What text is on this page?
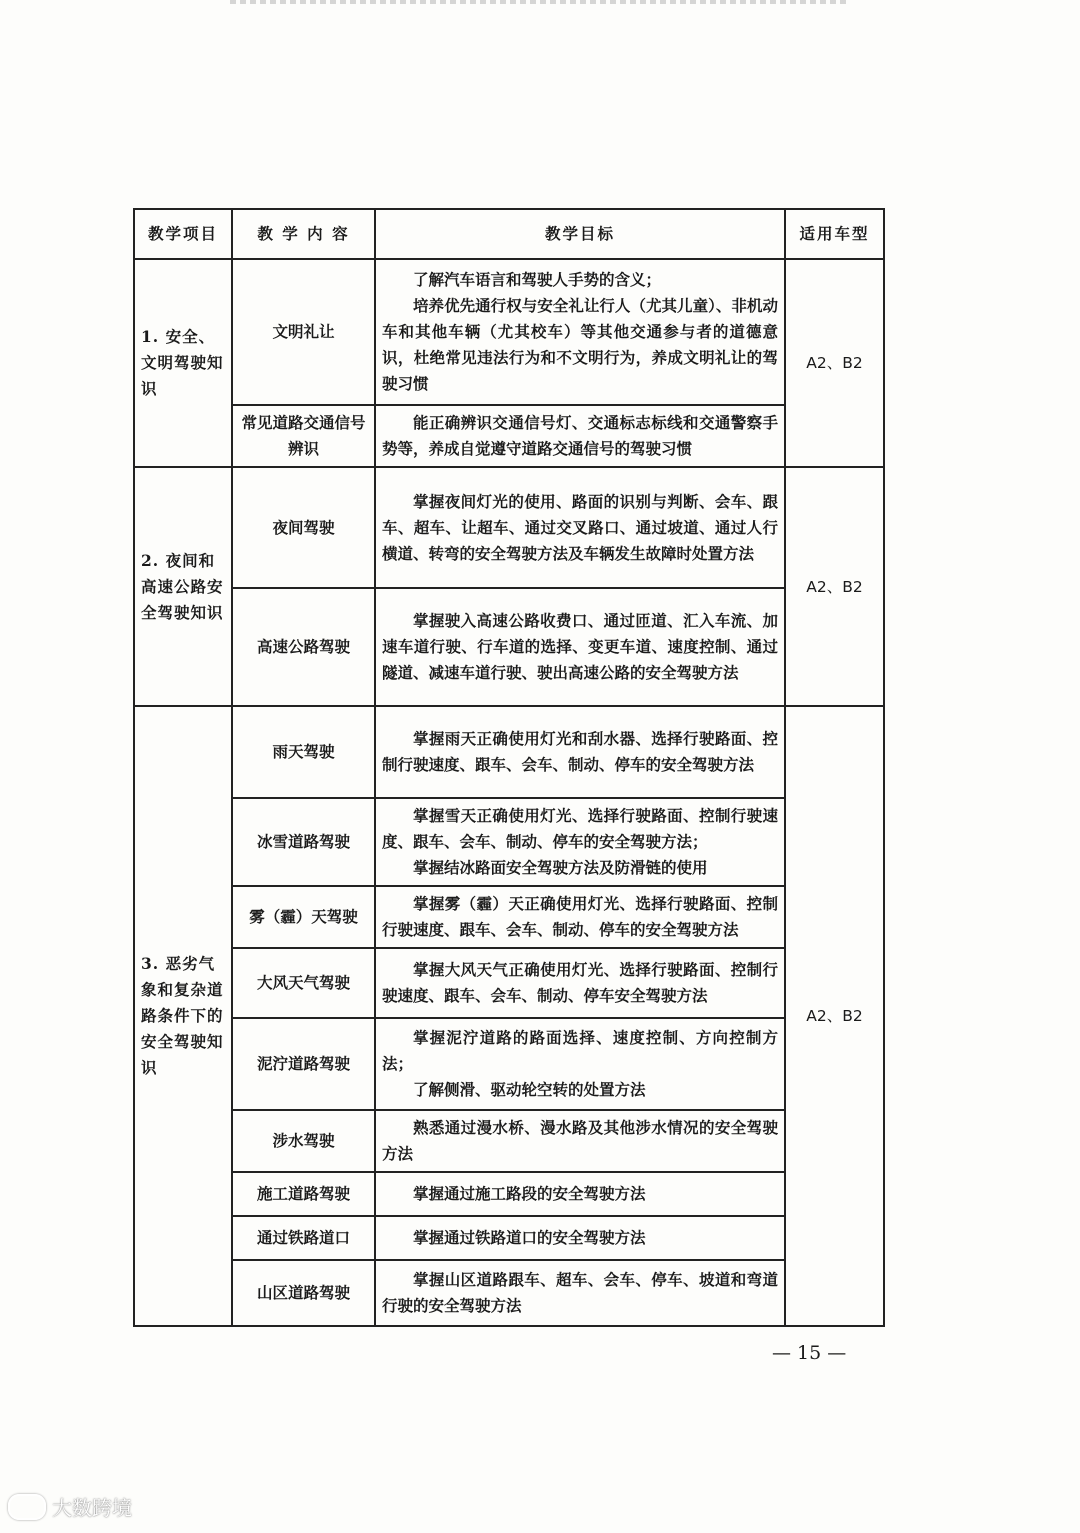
教学项目	教 学 内 容	教学目标	适用车型
1. 安全、文明驾驶知识	文明礼让	了解汽车语言和驾驶人手势的含义；

培养优先通行权与安全礼让行人（尤其儿童）、非机动车和其他车辆（尤其校车）等其他交通参与者的道德意识，杜绝常见违法行为和不文明行为，养成文明礼让的驾驶习惯	A2、B2
	常见道路交通信号辨识	能正确辨识交通信号灯、交通标志标线和交通警察手势等，养成自觉遵守道路交通信号的驾驶习惯	

2. 夜间和高速公路安全驾驶知识	夜间驾驶	掌握夜间灯光的使用、路面的识别与判断、会车、跟车、超车、让超车、通过交叉路口、通过坡道、通过人行横道、转弯的安全驾驶方法及车辆发生故障时处置方法	A2、B2
	高速公路驾驶	掌握驶入高速公路收费口、通过匝道、汇入车流、加速车道行驶、行车道的选择、变更车道、速度控制、通过隧道、减速车道行驶、驶出高速公路的安全驾驶方法	

3. 恶劣气象和复杂道路条件下的安全驾驶知识	雨天驾驶	掌握雨天正确使用灯光和刮水器、选择行驶路面、控制行驶速度、跟车、会车、制动、停车的安全驾驶方法	A2、B2
	冰雪道路驾驶	掌握雪天正确使用灯光、选择行驶路面、控制行驶速度、跟车、会车、制动、停车的安全驾驶方法；

掌握结冰路面安全驾驶方法及防滑链的使用	

	雾（霾）天驾驶	掌握雾（霾）天正确使用灯光、选择行驶路面、控制行驶速度、跟车、会车、制动、停车的安全驾驶方法	

	大风天气驾驶	掌握大风天气正确使用灯光、选择行驶路面、控制行驶速度、跟车、会车、制动、停车安全驾驶方法	

	泥泞道路驾驶	掌握泥泞道路的路面选择、速度控制、方向控制方法；

了解侧滑、驱动轮空转的处置方法	

	涉水驾驶	熟悉通过漫水桥、漫水路及其他涉水情况的安全驾驶方法	

	施工道路驾驶	掌握通过施工路段的安全驾驶方法	

	通过铁路道口	掌握通过铁路道口的安全驾驶方法	

	山区道路驾驶	掌握山区道路跟车、超车、会车、停车、坡道和弯道行驶的安全驾驶方法	

— 15 —
大数跨境
